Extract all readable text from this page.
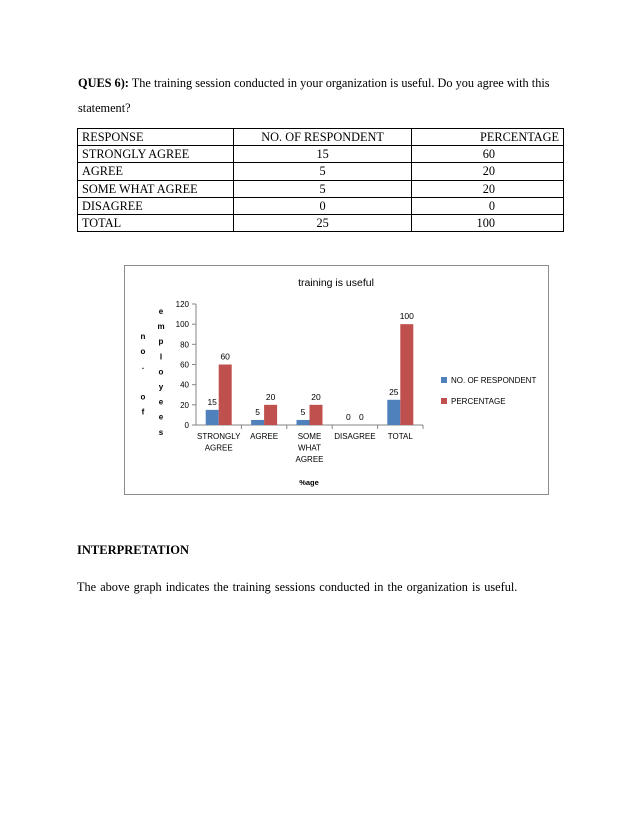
QUES 6): The training session conducted in your organization is useful. Do you agree with this statement?
RESPONSE	NO. OF RESPONDENT	PERCENTAGE
STRONGLY AGREE	15	60
AGREE	5	20
SOME WHAT AGREE	5	20
DISAGREE	0	0
TOTAL	25	100
training is useful
0
20
40
60
80
100
120
n
o
.
o
f
e
m
p
l
o
y
e
e
s
15
60
STRONGLY
AGREE
5
20
AGREE
5
20
SOME
WHAT
AGREE
0 0
DISAGREE
25
100
TOTAL
%age
NO. OF RESPONDENT
PERCENTAGE
INTERPRETATION
The above graph indicates the training sessions conducted in the organization is useful.
